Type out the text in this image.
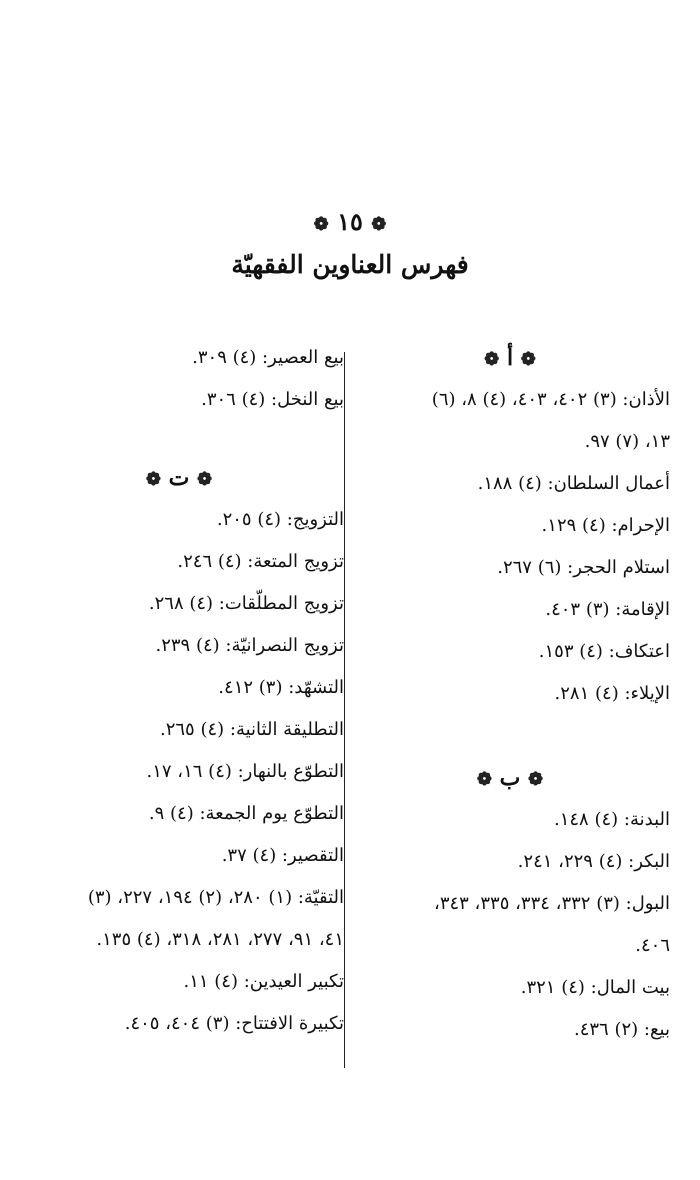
❁ ١٥ ❁
فهرس العناوين الفقهيّة
❁ أ ❁
الأذان: (٣) ٤٠٢، ٤٠٣، (٤) ٨، (٦)
١٣، (٧) ٩٧.
أعمال السلطان: (٤) ١٨٨.
الإحرام: (٤) ١٢٩.
استلام الحجر: (٦) ٢٦٧.
الإقامة: (٣) ٤٠٣.
اعتكاف: (٤) ١٥٣.
الإيلاء: (٤) ٢٨١.
❁ ب ❁
البدنة: (٤) ١٤٨.
البكر: (٤) ٢٢٩، ٢٤١.
البول: (٣) ٣٣٢، ٣٣٤، ٣٣٥، ٣٤٣،
٤٠٦.
بيت المال: (٤) ٣٢١.
بيع: (٢) ٤٣٦.
بيع العصير: (٤) ٣٠٩.
بيع النخل: (٤) ٣٠٦.
❁ ت ❁
التزويج: (٤) ٢٠٥.
تزويج المتعة: (٤) ٢٤٦.
تزويج المطلّقات: (٤) ٢٦٨.
تزويج النصرانيّة: (٤) ٢٣٩.
التشهّد: (٣) ٤١٢.
التطليقة الثانية: (٤) ٢٦٥.
التطوّع بالنهار: (٤) ١٦، ١٧.
التطوّع يوم الجمعة: (٤) ٩.
التقصير: (٤) ٣٧.
التقيّة: (١) ٢٨٠، (٢) ١٩٤، ٢٢٧، (٣)
٤١، ٩١، ٢٧٧، ٢٨١، ٣١٨، (٤) ١٣٥.
تكبير العيدين: (٤) ١١.
تكبيرة الافتتاح: (٣) ٤٠٤، ٤٠٥.
